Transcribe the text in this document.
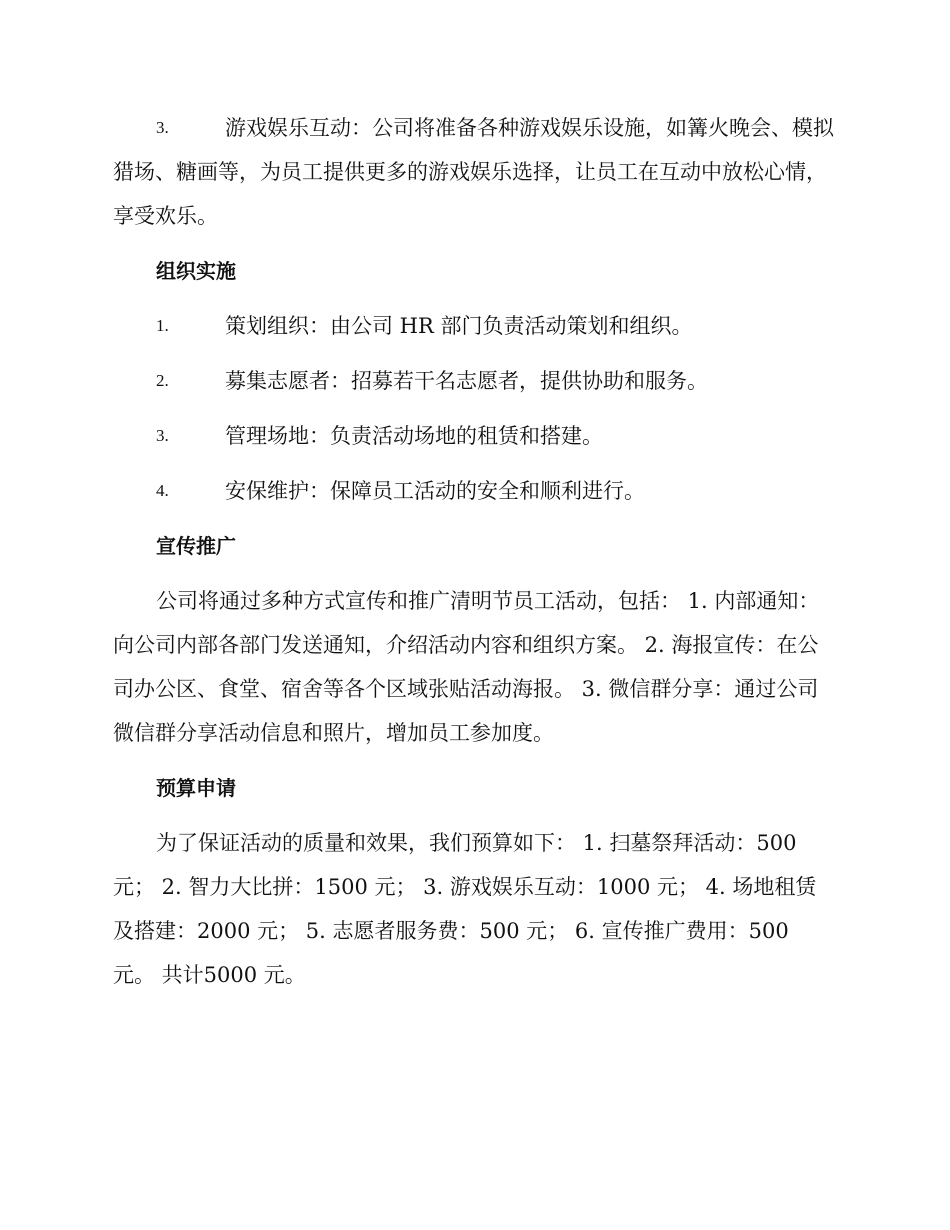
3.	游戏娱乐互动：公司将准备各种游戏娱乐设施，如篝火晚会、模拟猎场、糖画等，为员工提供更多的游戏娱乐选择，让员工在互动中放松心情，享受欢乐。
组织实施
1.	策划组织：由公司 HR 部门负责活动策划和组织。
2.	募集志愿者：招募若干名志愿者，提供协助和服务。
3.	管理场地：负责活动场地的租赁和搭建。
4.	安保维护：保障员工活动的安全和顺利进行。
宣传推广

公司将通过多种方式宣传和推广清明节员工活动，包括： 1. 内部通知：向公司内部各部门发送通知，介绍活动内容和组织方案。 2. 海报宣传：在公司办公区、食堂、宿舍等各个区域张贴活动海报。 3. 微信群分享：通过公司微信群分享活动信息和照片，增加员工参加度。

预算申请

为了保证活动的质量和效果，我们预算如下： 1. 扫墓祭拜活动：500元； 2. 智力大比拼：1500 元； 3. 游戏娱乐互动：1000 元； 4. 场地租赁及搭建：2000 元； 5. 志愿者服务费：500 元； 6. 宣传推广费用：500 元。 共计5000 元。
